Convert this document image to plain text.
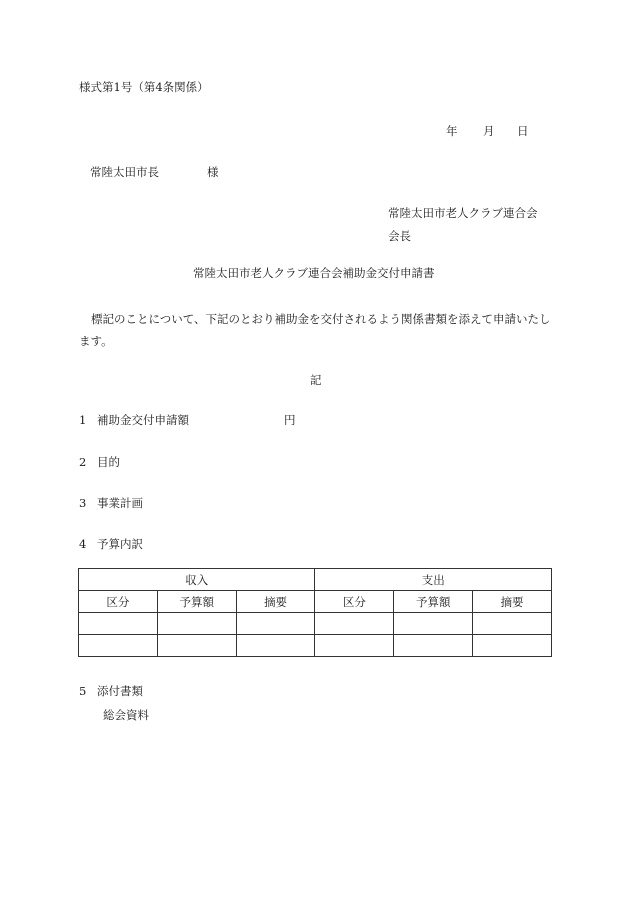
様式第1号（第4条関係）
年 月 日
常陸太田市長	様
常陸太田市老人クラブ連合会
会長
常陸太田市老人クラブ連合会補助金交付申請書
標記のことについて、下記のとおり補助金を交付されるよう関係書類を添えて申請いたします。
記
1 補助金交付申請額	円
2 目的
3 事業計画
4 予算内訳
収入			支出		
区分	予算額	摘要	区分	予算額	摘要

5 添付書類
総会資料
